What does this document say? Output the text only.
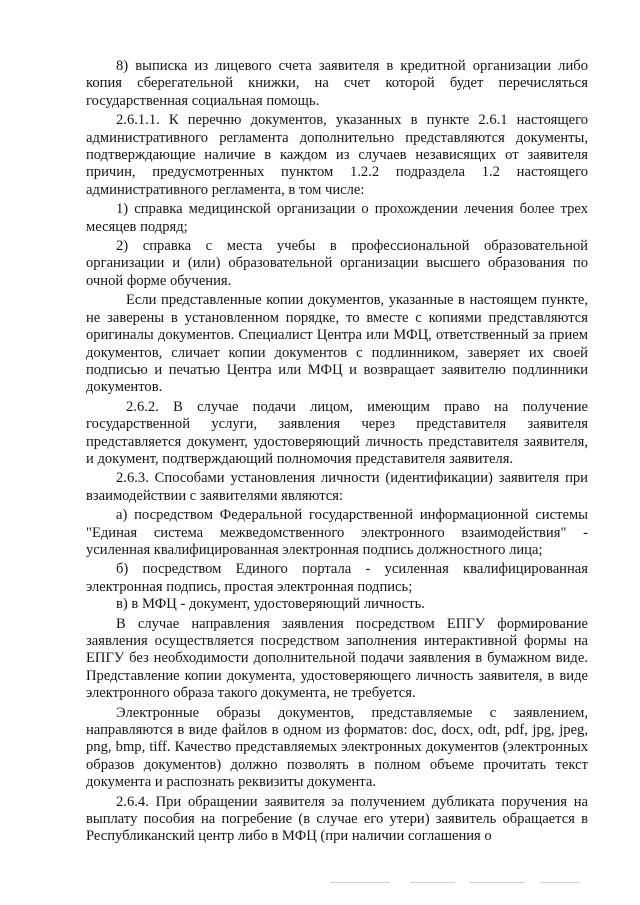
8) выписка из лицевого счета заявителя в кредитной организации либо копия сберегательной книжки, на счет которой будет перечисляться государственная социальная помощь.

2.6.1.1. К перечню документов, указанных в пункте 2.6.1 настоящего административного регламента дополнительно представляются документы, подтверждающие наличие в каждом из случаев независящих от заявителя причин, предусмотренных пунктом 1.2.2 подраздела 1.2 настоящего административного регламента, в том числе:

1) справка медицинской организации о прохождении лечения более трех месяцев подряд;

2) справка с места учебы в профессиональной образовательной организации и (или) образовательной организации высшего образования по очной форме обучения.

Если представленные копии документов, указанные в настоящем пункте, не заверены в установленном порядке, то вместе с копиями представляются оригиналы документов. Специалист Центра или МФЦ, ответственный за прием документов, сличает копии документов с подлинником, заверяет их своей подписью и печатью Центра или МФЦ и возвращает заявителю подлинники документов.

2.6.2. В случае подачи лицом, имеющим право на получение государственной услуги, заявления через представителя заявителя представляется документ, удостоверяющий личность представителя заявителя, и документ, подтверждающий полномочия представителя заявителя.

2.6.3. Способами установления личности (идентификации) заявителя при взаимодействии с заявителями являются:

а) посредством Федеральной государственной информационной системы "Единая система межведомственного электронного взаимодействия" - усиленная квалифицированная электронная подпись должностного лица;

б) посредством Единого портала - усиленная квалифицированная электронная подпись, простая электронная подпись;

в) в МФЦ - документ, удостоверяющий личность.

В случае направления заявления посредством ЕПГУ формирование заявления осуществляется посредством заполнения интерактивной формы на ЕПГУ без необходимости дополнительной подачи заявления в бумажном виде. Представление копии документа, удостоверяющего личность заявителя, в виде электронного образа такого документа, не требуется.

Электронные образы документов, представляемые с заявлением, направляются в виде файлов в одном из форматов: doc, docx, odt, pdf, jpg, jpeg, png, bmp, tiff. Качество представляемых электронных документов (электронных образов документов) должно позволять в полном объеме прочитать текст документа и распознать реквизиты документа.

2.6.4. При обращении заявителя за получением дубликата поручения на выплату пособия на погребение (в случае его утери) заявитель обращается в Республиканский центр либо в МФЦ (при наличии соглашения о
